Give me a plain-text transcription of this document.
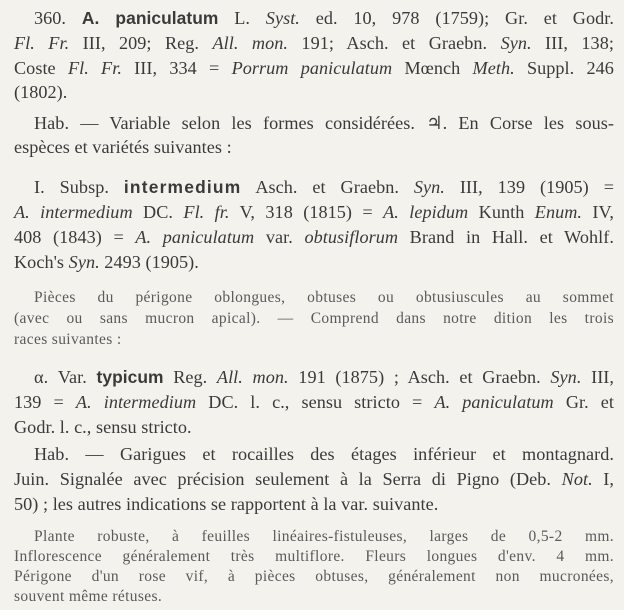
360. A. paniculatum L. Syst. ed. 10, 978 (1759); Gr. et Godr.
Fl. Fr. III, 209; Reg. All. mon. 191; Asch. et Graebn. Syn. III, 138;
Coste Fl. Fr. III, 334 = Porrum paniculatum Mœnch Meth. Suppl. 246
(1802).
Hab. — Variable selon les formes considérées. ♃. En Corse les sous-
espèces et variétés suivantes :
I. Subsp. intermedium Asch. et Graebn. Syn. III, 139 (1905) =
A. intermedium DC. Fl. fr. V, 318 (1815) = A. lepidum Kunth Enum. IV,
408 (1843) = A. paniculatum var. obtusiflorum Brand in Hall. et Wohlf.
Koch's Syn. 2493 (1905).
Pièces du périgone oblongues, obtuses ou obtusiuscules au sommet
(avec ou sans mucron apical). — Comprend dans notre dition les trois
races suivantes :
α. Var. typicum Reg. All. mon. 191 (1875) ; Asch. et Graebn. Syn. III,
139 = A. intermedium DC. l. c., sensu stricto = A. paniculatum Gr. et
Godr. l. c., sensu stricto.
Hab. — Garigues et rocailles des étages inférieur et montagnard.
Juin. Signalée avec précision seulement à la Serra di Pigno (Deb. Not. I,
50) ; les autres indications se rapportent à la var. suivante.
Plante robuste, à feuilles linéaires-fistuleuses, larges de 0,5-2 mm.
Inflorescence généralement très multiflore. Fleurs longues d'env. 4 mm.
Périgone d'un rose vif, à pièces obtuses, généralement non mucronées,
souvent même rétuses.
